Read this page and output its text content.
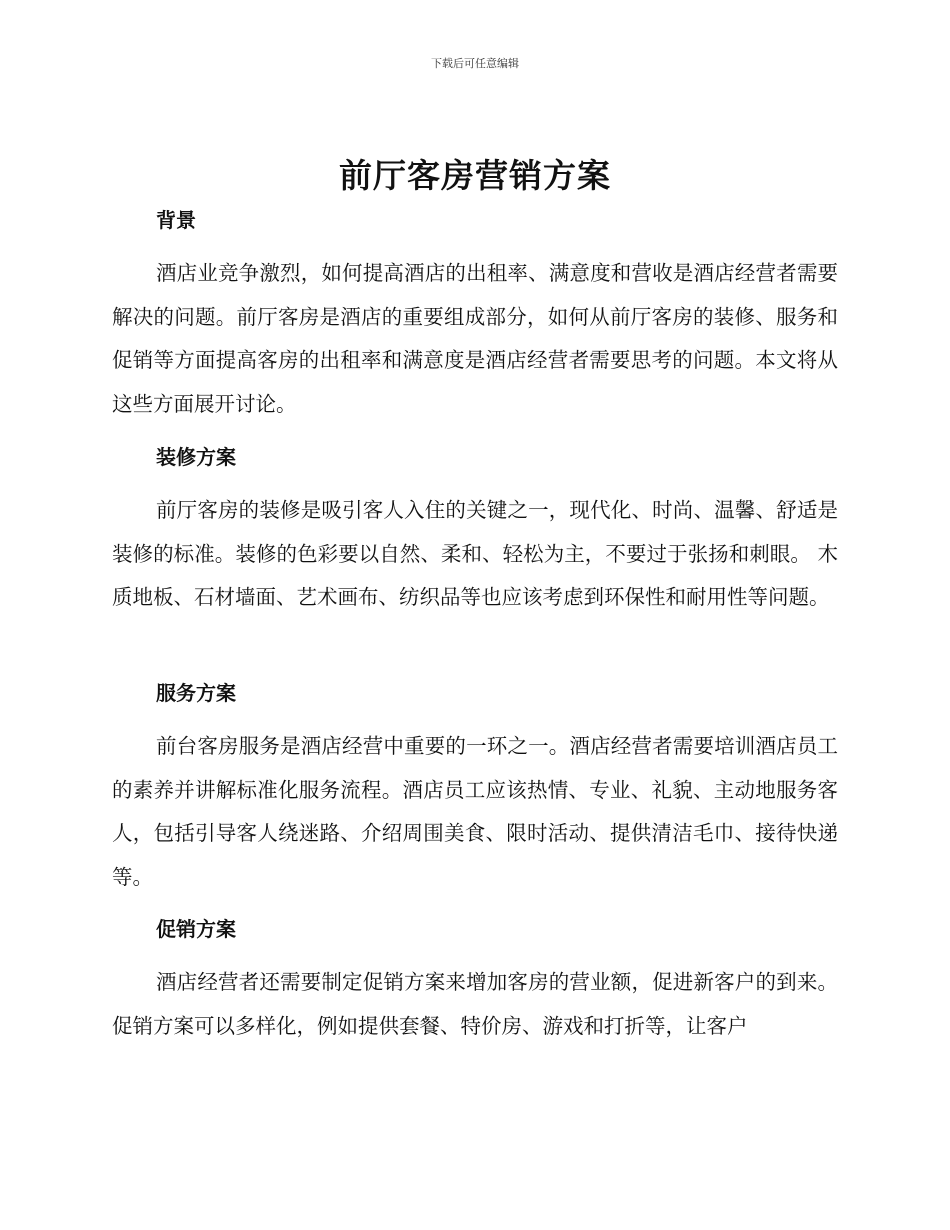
下载后可任意编辑
前厅客房营销方案
背景

酒店业竞争激烈，如何提高酒店的出租率、满意度和营收是酒店经营者需要解决的问题。前厅客房是酒店的重要组成部分，如何从前厅客房的装修、服务和促销等方面提高客房的出租率和满意度是酒店经营者需要思考的问题。本文将从这些方面展开讨论。

装修方案

前厅客房的装修是吸引客人入住的关键之一，现代化、时尚、温馨、舒适是装修的标准。装修的色彩要以自然、柔和、轻松为主，不要过于张扬和刺眼。 木质地板、石材墙面、艺术画布、纺织品等也应该考虑到环保性和耐用性等问题。

服务方案

前台客房服务是酒店经营中重要的一环之一。酒店经营者需要培训酒店员工的素养并讲解标准化服务流程。酒店员工应该热情、专业、礼貌、主动地服务客人，包括引导客人绕迷路、介绍周围美食、限时活动、提供清洁毛巾、接待快递等。

促销方案

酒店经营者还需要制定促销方案来增加客房的营业额，促进新客户的到来。促销方案可以多样化，例如提供套餐、特价房、游戏和打折等，让客户
